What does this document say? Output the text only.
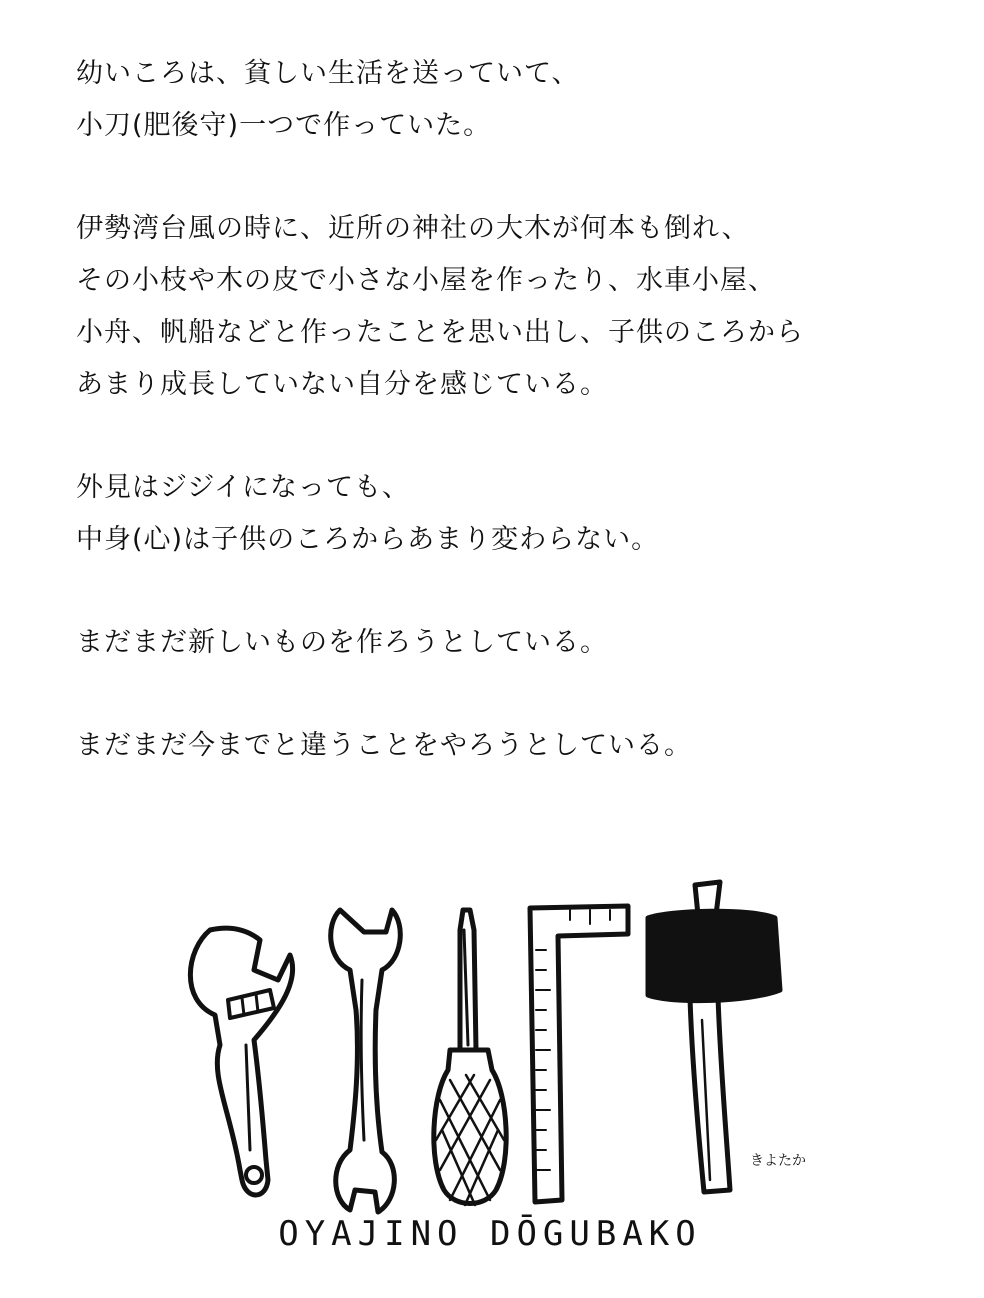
幼いころは、貧しい生活を送っていて、
小刀(肥後守)一つで作っていた。
伊勢湾台風の時に、近所の神社の大木が何本も倒れ、
その小枝や木の皮で小さな小屋を作ったり、水車小屋、
小舟、帆船などと作ったことを思い出し、子供のころから
あまり成長していない自分を感じている。
外見はジジイになっても、
中身(心)は子供のころからあまり変わらない。
まだまだ新しいものを作ろうとしている。
まだまだ今までと違うことをやろうとしている。
きよたか
OYAJINO DŌGUBAKO
